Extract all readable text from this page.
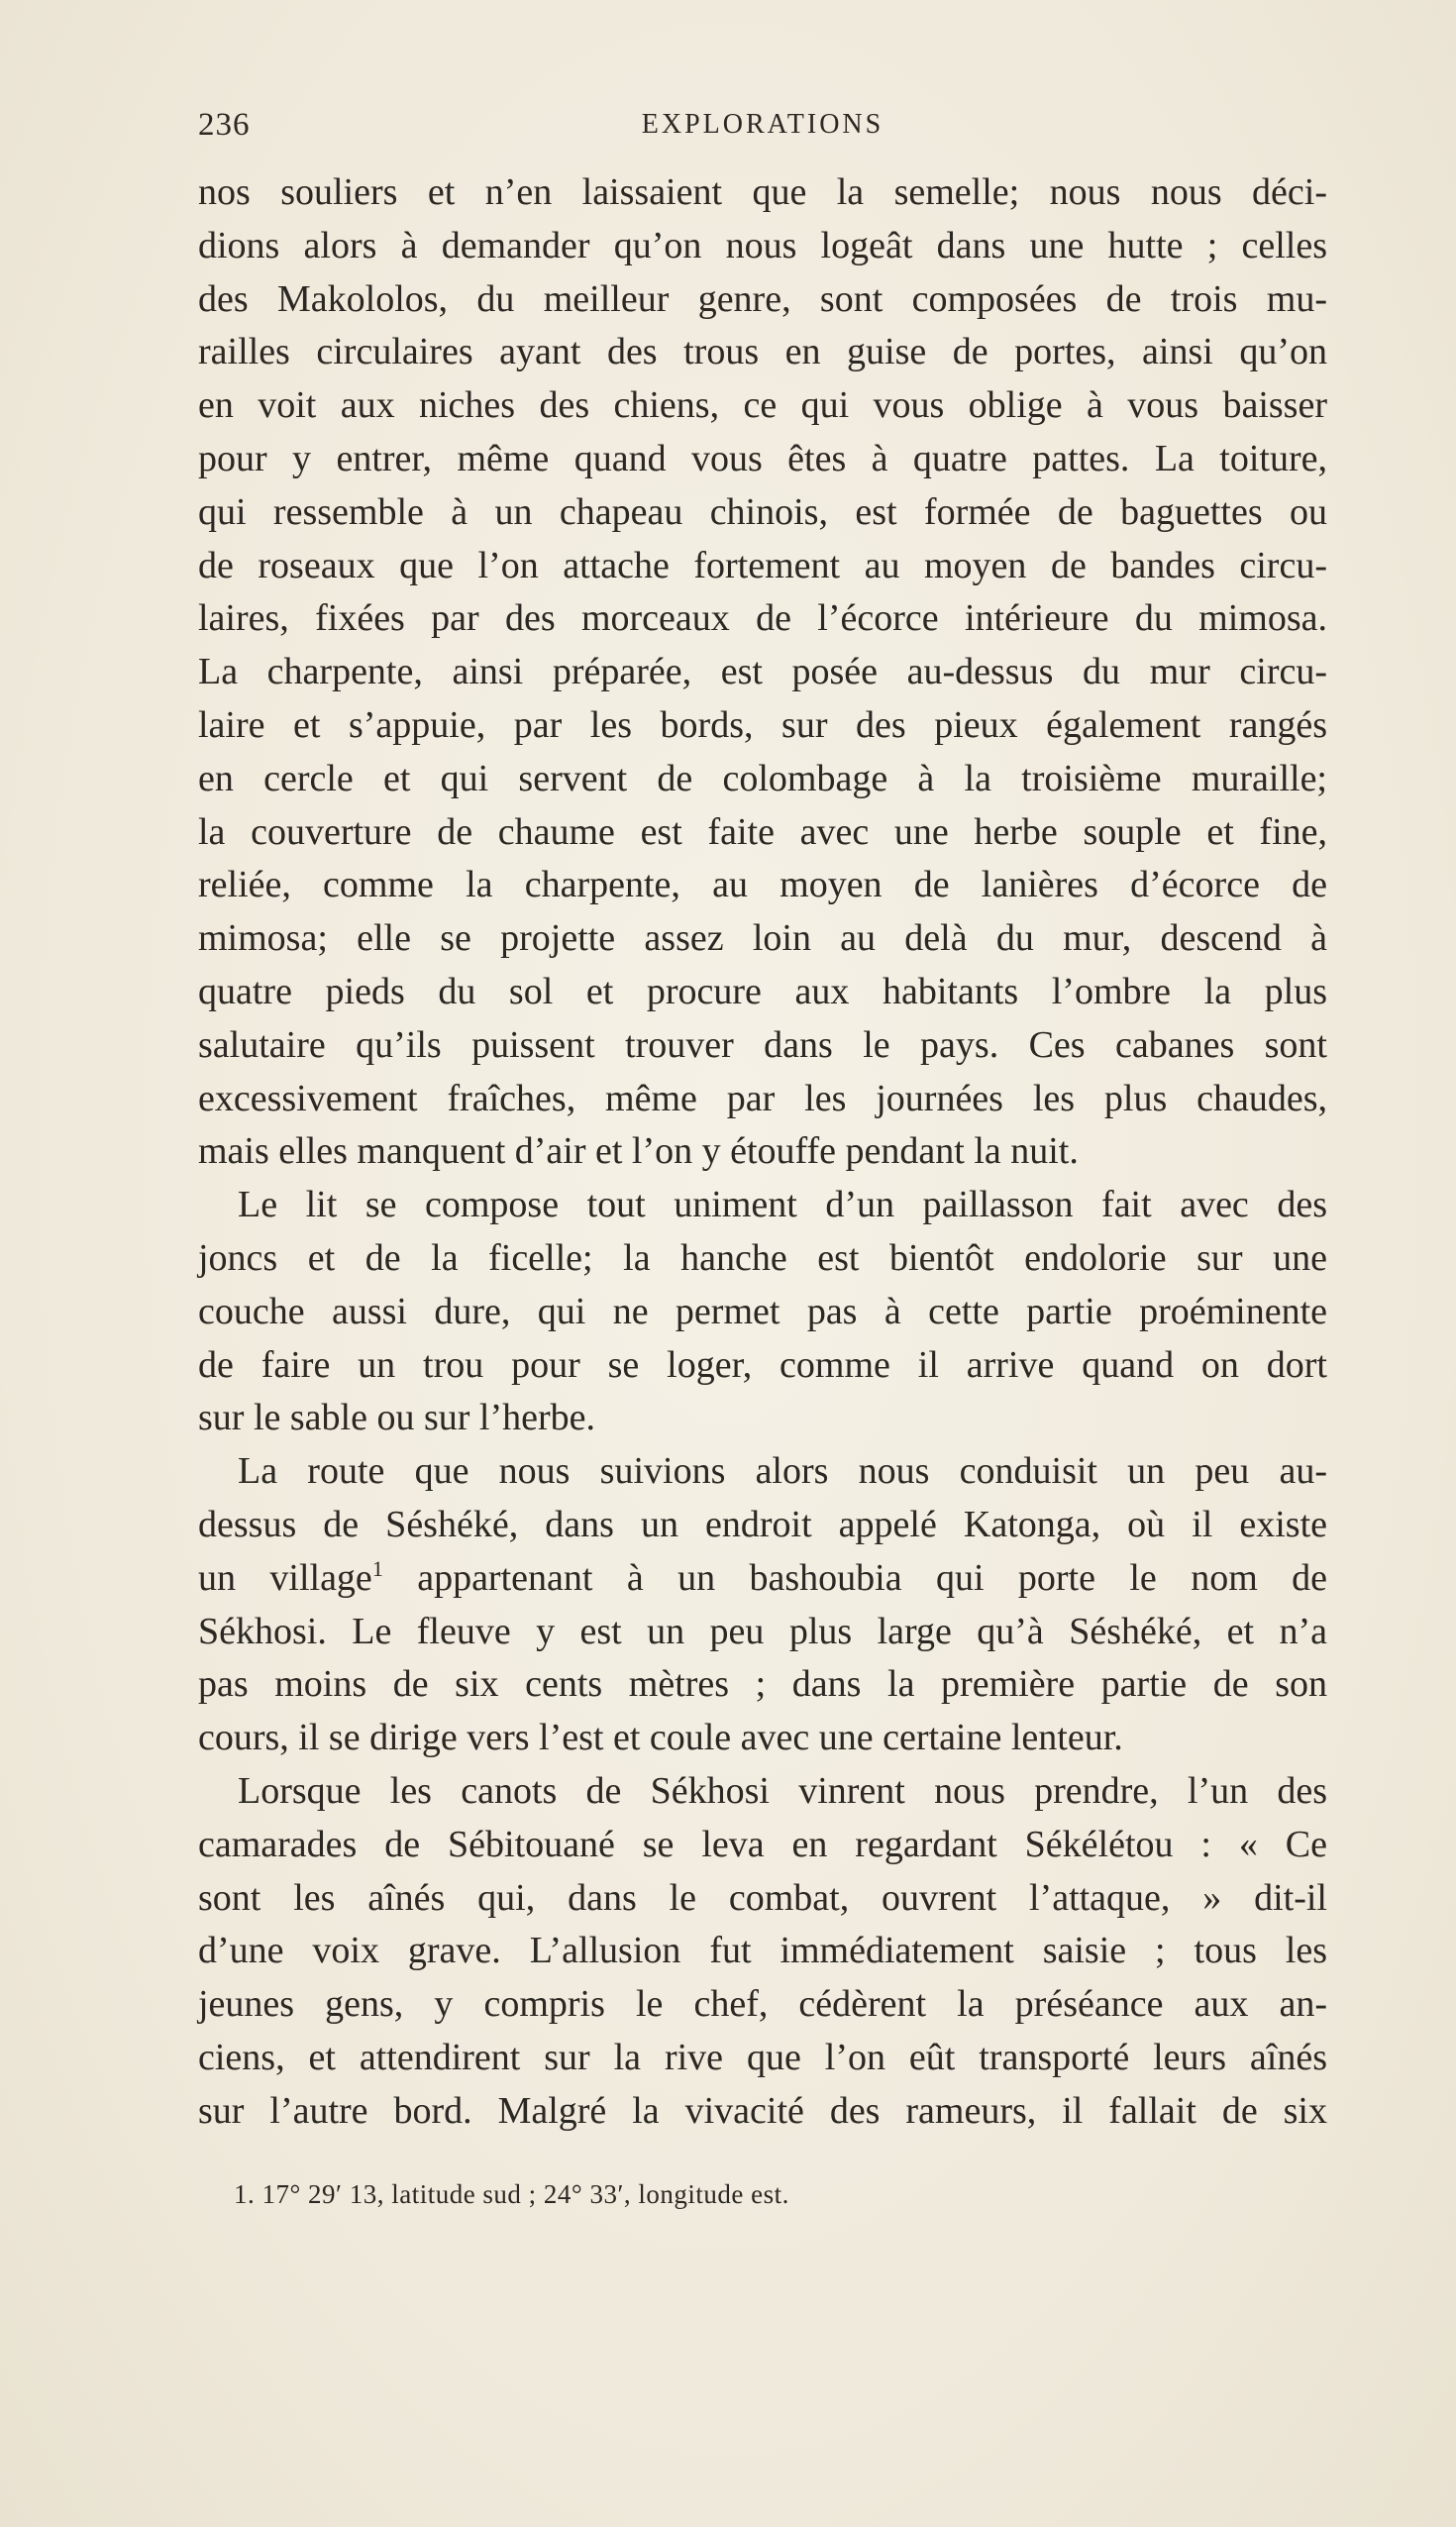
236	EXPLORATIONS
nos souliers et n’en laissaient que la semelle; nous nous déci-
dions alors à demander qu’on nous logeât dans une hutte ; celles
des Makololos, du meilleur genre, sont composées de trois mu-
railles circulaires ayant des trous en guise de portes, ainsi qu’on
en voit aux niches des chiens, ce qui vous oblige à vous baisser
pour y entrer, même quand vous êtes à quatre pattes. La toiture,
qui ressemble à un chapeau chinois, est formée de baguettes ou
de roseaux que l’on attache fortement au moyen de bandes circu-
laires, fixées par des morceaux de l’écorce intérieure du mimosa.
La charpente, ainsi préparée, est posée au-dessus du mur circu-
laire et s’appuie, par les bords, sur des pieux également rangés
en cercle et qui servent de colombage à la troisième muraille;
la couverture de chaume est faite avec une herbe souple et fine,
reliée, comme la charpente, au moyen de lanières d’écorce de
mimosa; elle se projette assez loin au delà du mur, descend à
quatre pieds du sol et procure aux habitants l’ombre la plus
salutaire qu’ils puissent trouver dans le pays. Ces cabanes sont
excessivement fraîches, même par les journées les plus chaudes,
mais elles manquent d’air et l’on y étouffe pendant la nuit.
Le lit se compose tout uniment d’un paillasson fait avec des
joncs et de la ficelle; la hanche est bientôt endolorie sur une
couche aussi dure, qui ne permet pas à cette partie proéminente
de faire un trou pour se loger, comme il arrive quand on dort
sur le sable ou sur l’herbe.
La route que nous suivions alors nous conduisit un peu au-
dessus de Séshéké, dans un endroit appelé Katonga, où il existe
un village$^1$ appartenant à un bashoubia qui porte le nom de
Sékhosi. Le fleuve y est un peu plus large qu’à Séshéké, et n’a
pas moins de six cents mètres ; dans la première partie de son
cours, il se dirige vers l’est et coule avec une certaine lenteur.
Lorsque les canots de Sékhosi vinrent nous prendre, l’un des
camarades de Sébitouané se leva en regardant Sékélétou : « Ce
sont les aînés qui, dans le combat, ouvrent l’attaque, » dit-il
d’une voix grave. L’allusion fut immédiatement saisie ; tous les
jeunes gens, y compris le chef, cédèrent la préséance aux an-
ciens, et attendirent sur la rive que l’on eût transporté leurs aînés
sur l’autre bord. Malgré la vivacité des rameurs, il fallait de six
1. 17° 29′ 13, latitude sud ; 24° 33′, longitude est.
